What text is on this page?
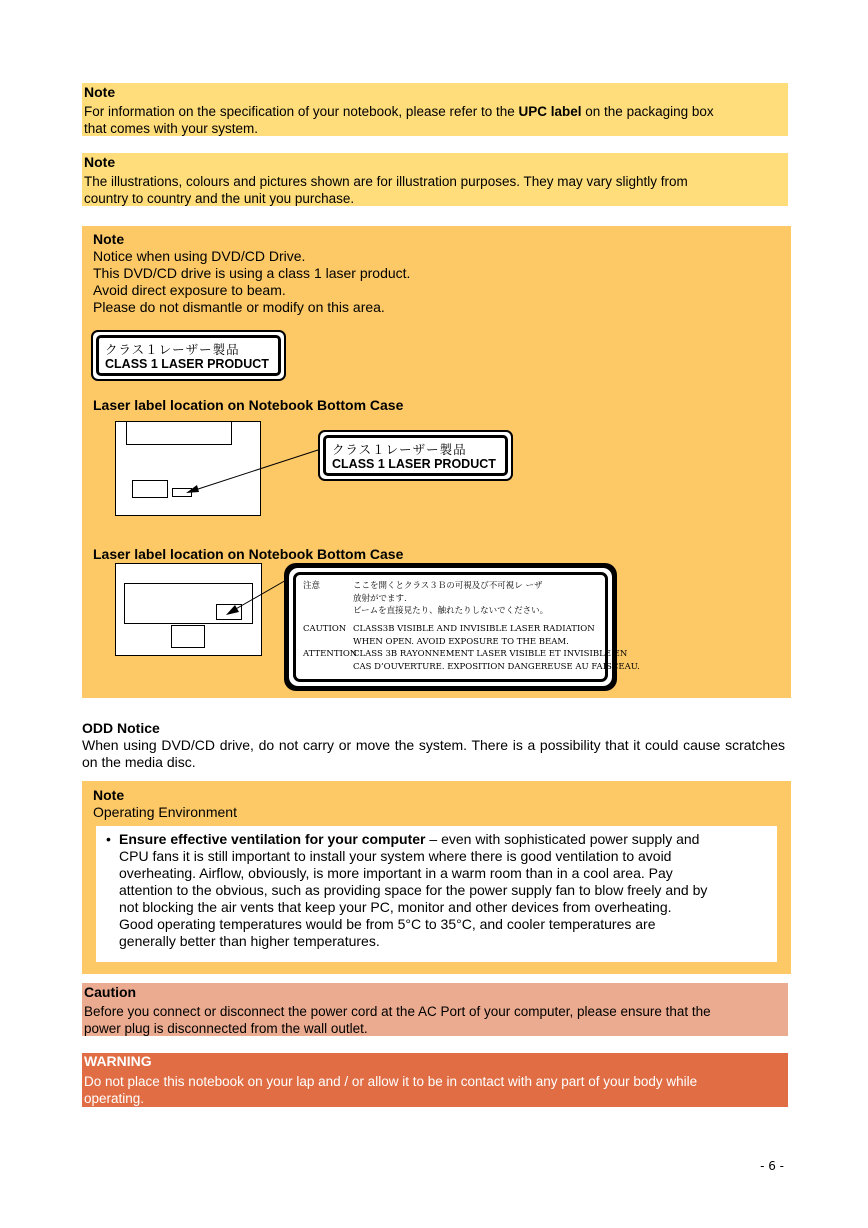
Note
For information on the specification of your notebook, please refer to the UPC label on the packaging box
that comes with your system.
Note
The illustrations, colours and pictures shown are for illustration purposes. They may vary slightly from
country to country and the unit you purchase.
Note
Notice when using DVD/CD Drive.
This DVD/CD drive is using a class 1 laser product.
Avoid direct exposure to beam.
Please do not dismantle or modify on this area.
クラス１レーザー製品
CLASS 1 LASER PRODUCT
Laser label location on Notebook Bottom Case
クラス１レーザー製品
CLASS 1 LASER PRODUCT
Laser label location on Notebook Bottom Case
注意	ここを開くとクラス３Ｂの可視及び不可視レ ーザ
放射がでます.
ビームを直接見たり、触れたりしないでください。
CAUTION CLASS3B VISIBLE AND INVISIBLE LASER RADIATION
WHEN OPEN. AVOID EXPOSURE TO THE BEAM.
ATTENTION
CLASS 3B RAYONNEMENT LASER VISIBLE ET INVISIBLE EN
CAS D’OUVERTURE. EXPOSITION DANGEREUSE AU FAISCEAU.
ODD Notice
When using DVD/CD drive, do not carry or move the system. There is a possibility that it could cause scratches on the media disc.
Note
Operating Environment
• Ensure effective ventilation for your computer – even with sophisticated power supply and
CPU fans it is still important to install your system where there is good ventilation to avoid
overheating. Airflow, obviously, is more important in a warm room than in a cool area. Pay
attention to the obvious, such as providing space for the power supply fan to blow freely and by
not blocking the air vents that keep your PC, monitor and other devices from overheating.
Good operating temperatures would be from 5°C to 35°C, and cooler temperatures are
generally better than higher temperatures.
Caution
Before you connect or disconnect the power cord at the AC Port of your computer, please ensure that the
power plug is disconnected from the wall outlet.
WARNING
Do not place this notebook on your lap and / or allow it to be in contact with any part of your body while
operating.
- 6 -
